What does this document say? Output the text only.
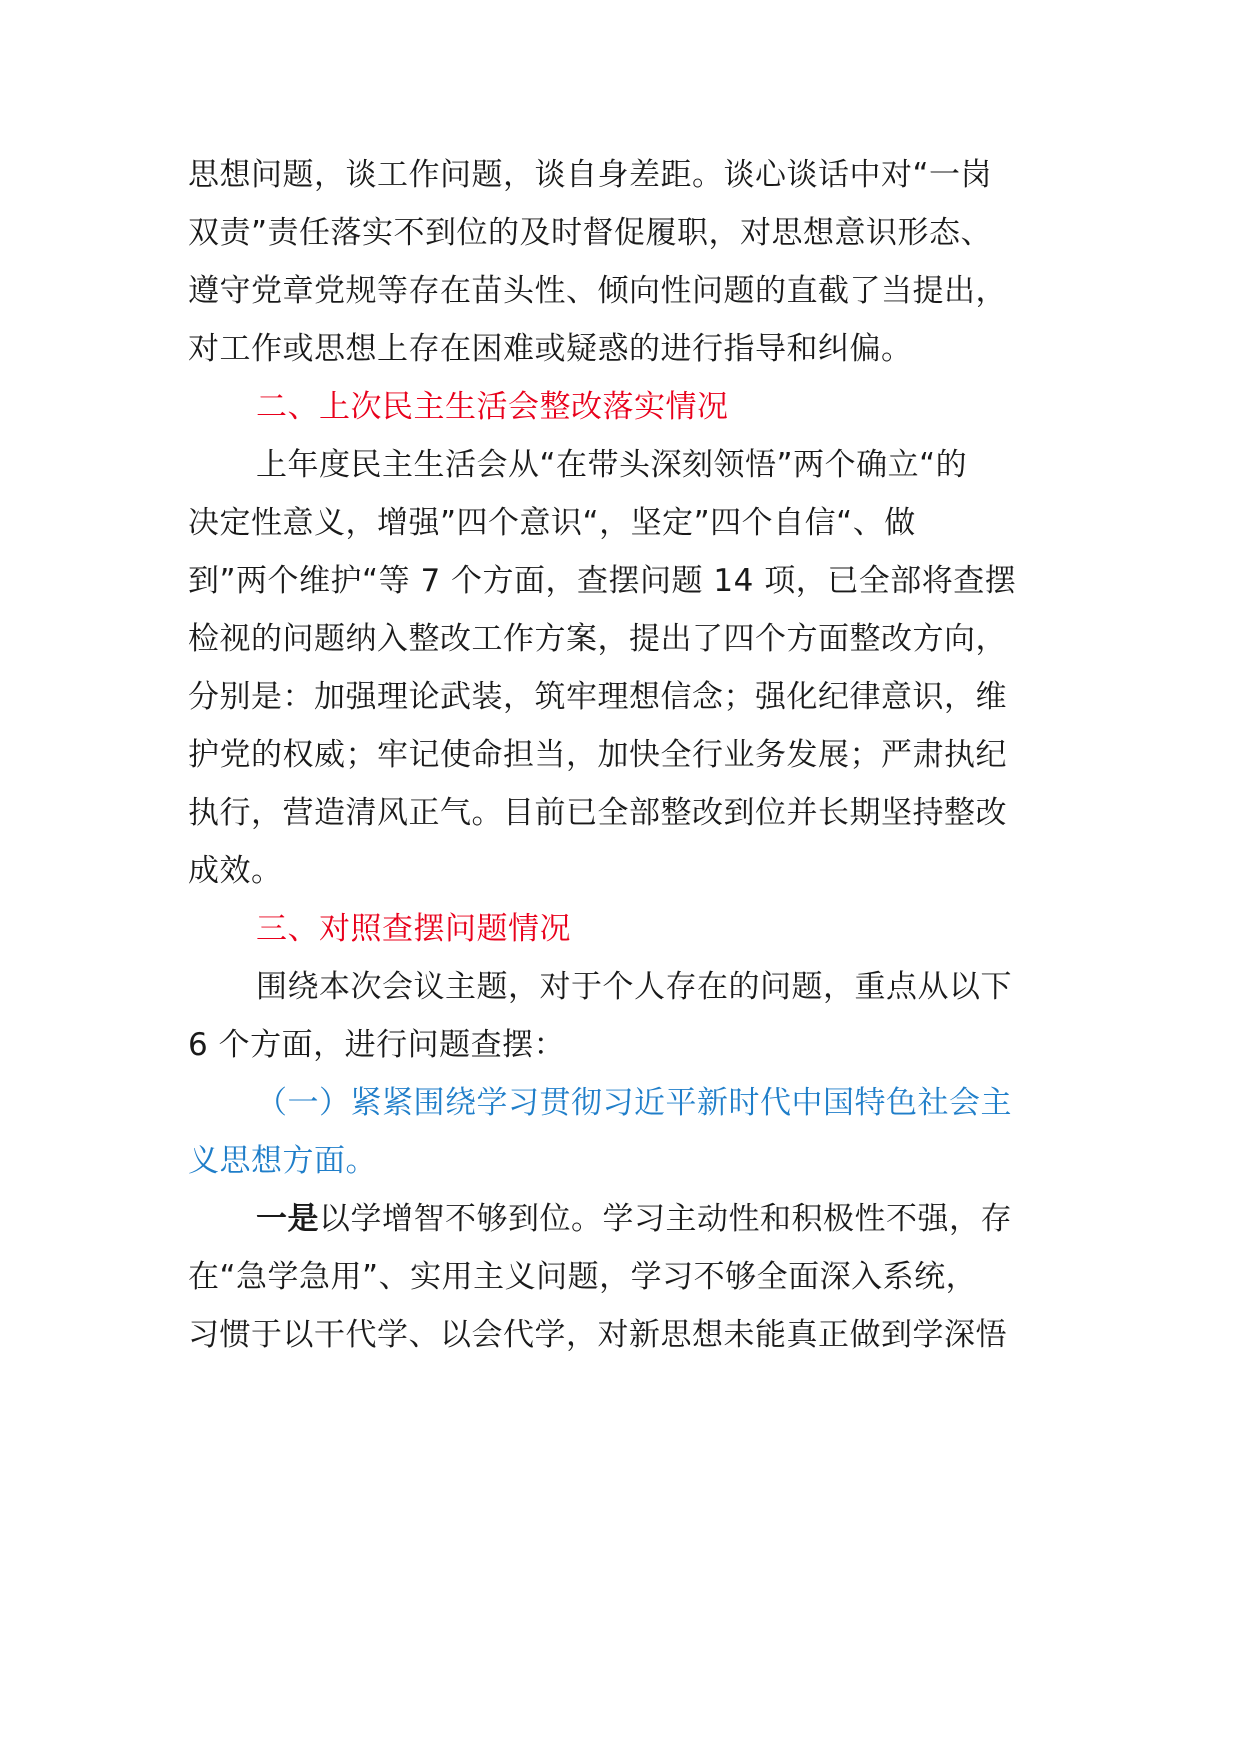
思想问题，谈工作问题，谈自身差距。谈心谈话中对“一岗
双责”责任落实不到位的及时督促履职，对思想意识形态、
遵守党章党规等存在苗头性、倾向性问题的直截了当提出，
对工作或思想上存在困难或疑惑的进行指导和纠偏。
二、上次民主生活会整改落实情况
上年度民主生活会从“在带头深刻领悟”两个确立“的
决定性意义，增强”四个意识“，坚定”四个自信“、做
到”两个维护“等 7 个方面，查摆问题 14 项，已全部将查摆
检视的问题纳入整改工作方案，提出了四个方面整改方向，
分别是：加强理论武装，筑牢理想信念；强化纪律意识，维
护党的权威；牢记使命担当，加快全行业务发展；严肃执纪
执行，营造清风正气。目前已全部整改到位并长期坚持整改
成效。
三、对照查摆问题情况
围绕本次会议主题，对于个人存在的问题，重点从以下
6 个方面，进行问题查摆：
（一）紧紧围绕学习贯彻习近平新时代中国特色社会主
义思想方面。
一是以学增智不够到位。学习主动性和积极性不强，存
在“急学急用”、实用主义问题，学习不够全面深入系统，
习惯于以干代学、以会代学，对新思想未能真正做到学深悟
